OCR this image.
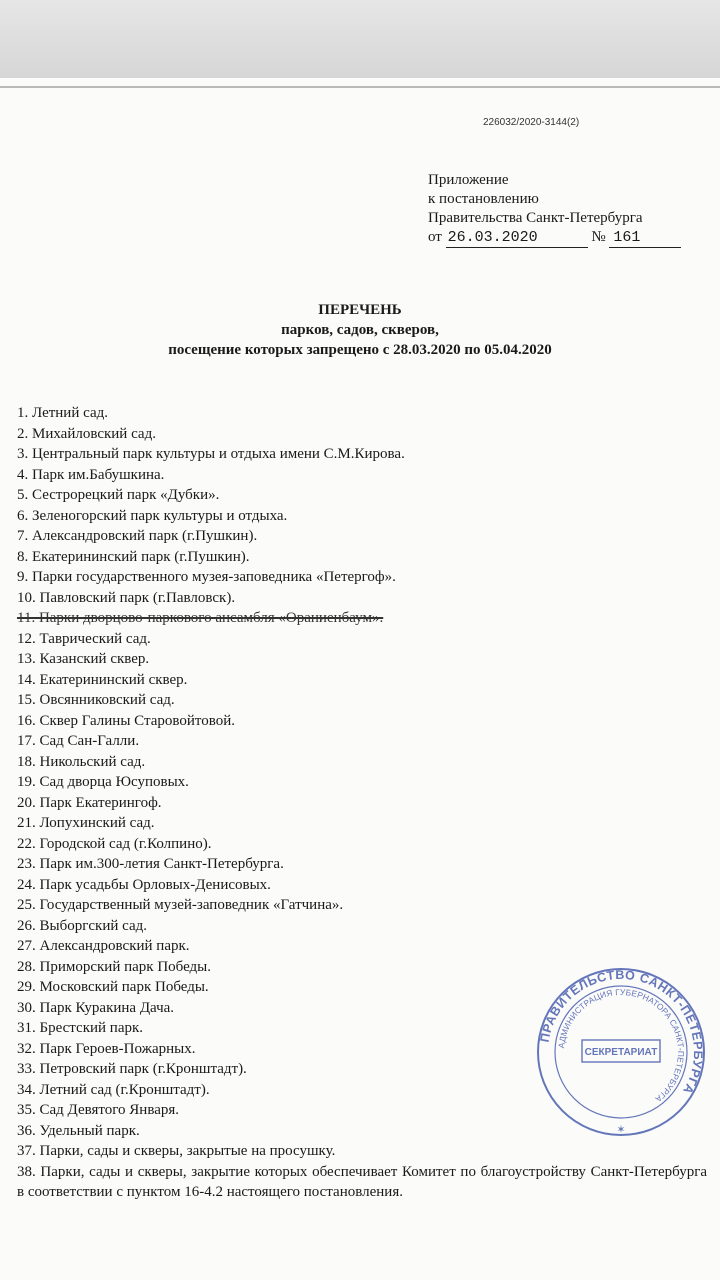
226032/2020-3144(2)
Приложение
к постановлению
Правительства Санкт-Петербурга
от 26.03.2020	№ 161
ПЕРЕЧЕНЬ
парков, садов, скверов,
посещение которых запрещено с 28.03.2020 по 05.04.2020
1. Летний сад.
2. Михайловский сад.
3. Центральный парк культуры и отдыха имени С.М.Кирова.
4. Парк им.Бабушкина.
5. Сестрорецкий парк «Дубки».
6. Зеленогорский парк культуры и отдыха.
7. Александровский парк (г.Пушкин).
8. Екатерининский парк (г.Пушкин).
9. Парки государственного музея-заповедника «Петергоф».
10. Павловский парк (г.Павловск).
11. Парки дворцово-паркового ансамбля «Ораниенбаум».
12. Таврический сад.
13. Казанский сквер.
14. Екатерининский сквер.
15. Овсянниковский сад.
16. Сквер Галины Старовойтовой.
17. Сад Сан-Галли.
18. Никольский сад.
19. Сад дворца Юсуповых.
20. Парк Екатерингоф.
21. Лопухинский сад.
22. Городской сад (г.Колпино).
23. Парк им.300-летия Санкт-Петербурга.
24. Парк усадьбы Орловых-Денисовых.
25. Государственный музей-заповедник «Гатчина».
26. Выборгский сад.
27. Александровский парк.
28. Приморский парк Победы.
29. Московский парк Победы.
30. Парк Куракина Дача.
31. Брестский парк.
32. Парк Героев-Пожарных.
33. Петровский парк (г.Кронштадт).
34. Летний сад (г.Кронштадт).
35. Сад Девятого Января.
36. Удельный парк.
37. Парки, сады и скверы, закрытые на просушку.
38. Парки, сады и скверы, закрытие которых обеспечивает Комитет по благоустройству Санкт-Петербурга в соответствии с пунктом 16-4.2 настоящего постановления.
ПРАВИТЕЛЬСТВО САНКТ-ПЕТЕРБУРГА
АДМИНИСТРАЦИЯ ГУБЕРНАТОРА САНКТ-ПЕТЕРБУРГА
СЕКРЕТАРИАТ
✶
